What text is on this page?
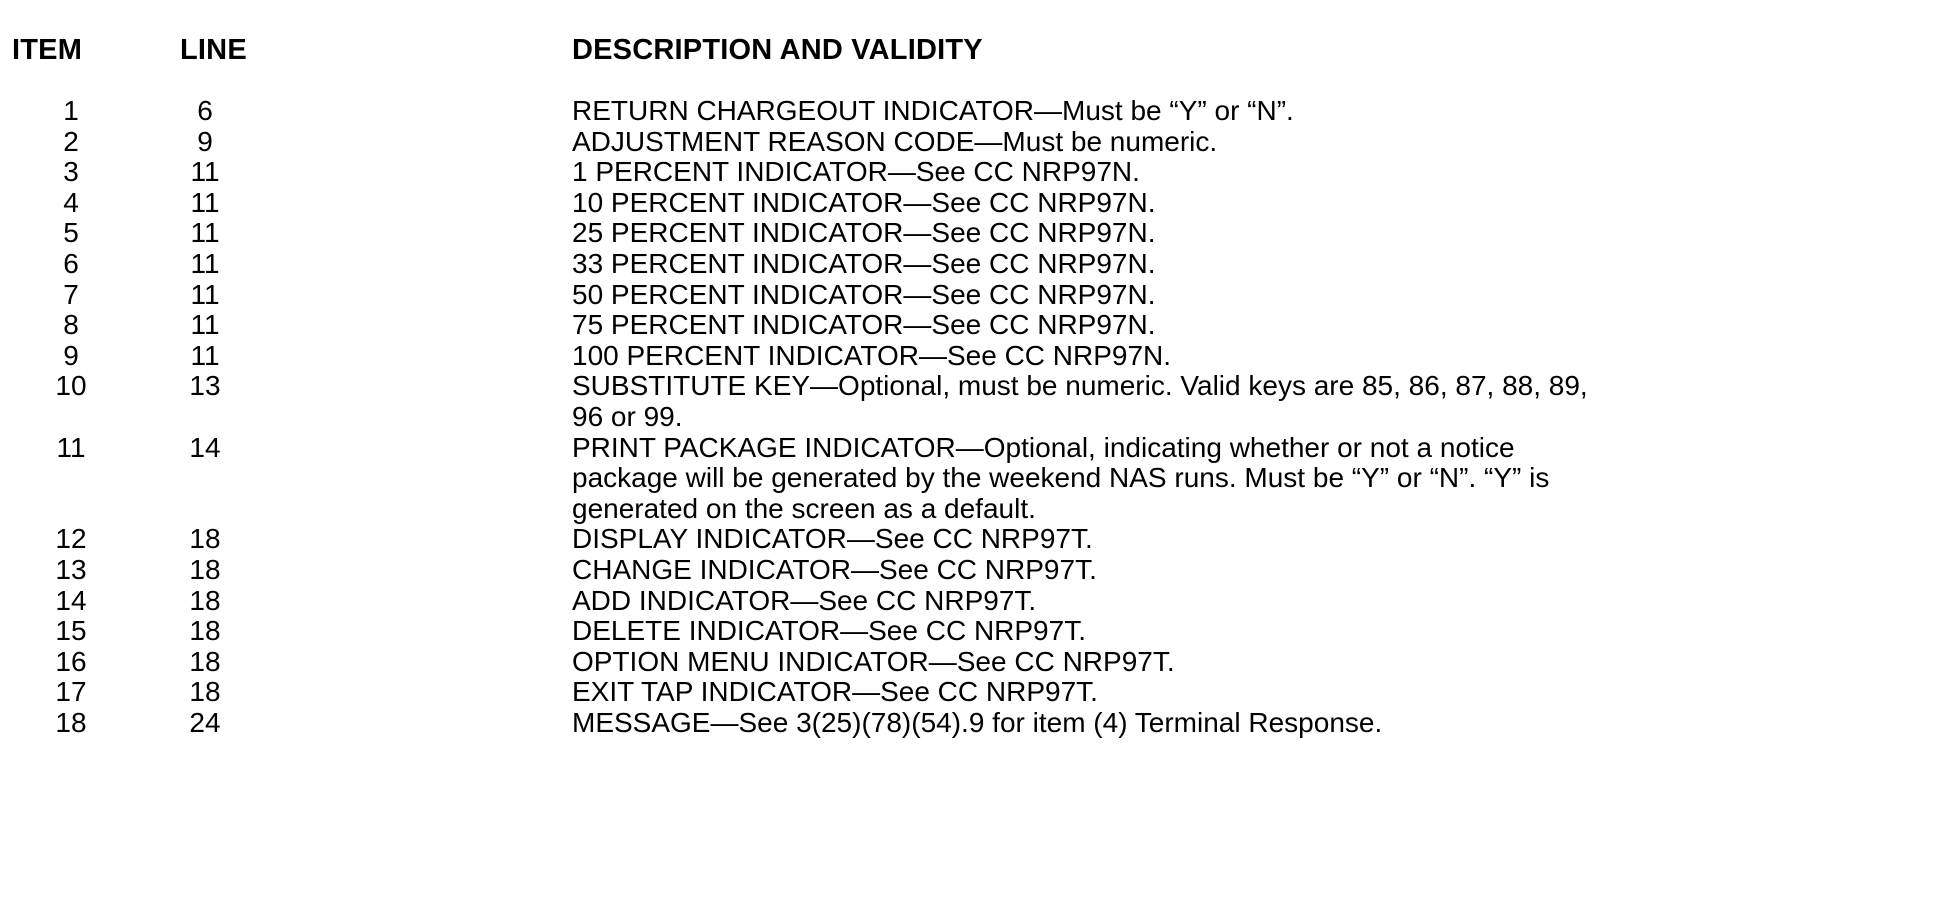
ITEM	LINE	DESCRIPTION AND VALIDITY
1	6	RETURN CHARGEOUT INDICATOR—Must be “Y” or “N”.
2	9	ADJUSTMENT REASON CODE—Must be numeric.
3	11	1 PERCENT INDICATOR—See CC NRP97N.
4	11	10 PERCENT INDICATOR—See CC NRP97N.
5	11	25 PERCENT INDICATOR—See CC NRP97N.
6	11	33 PERCENT INDICATOR—See CC NRP97N.
7	11	50 PERCENT INDICATOR—See CC NRP97N.
8	11	75 PERCENT INDICATOR—See CC NRP97N.
9	11	100 PERCENT INDICATOR—See CC NRP97N.
10	13	SUBSTITUTE KEY—Optional, must be numeric. Valid keys are 85, 86, 87, 88, 89,
96 or 99.
11	14	PRINT PACKAGE INDICATOR—Optional, indicating whether or not a notice
package will be generated by the weekend NAS runs. Must be “Y” or “N”. “Y” is
generated on the screen as a default.
12	18	DISPLAY INDICATOR—See CC NRP97T.
13	18	CHANGE INDICATOR—See CC NRP97T.
14	18	ADD INDICATOR—See CC NRP97T.
15	18	DELETE INDICATOR—See CC NRP97T.
16	18	OPTION MENU INDICATOR—See CC NRP97T.
17	18	EXIT TAP INDICATOR—See CC NRP97T.
18	24	MESSAGE—See 3(25)(78)(54).9 for item (4) Terminal Response.
